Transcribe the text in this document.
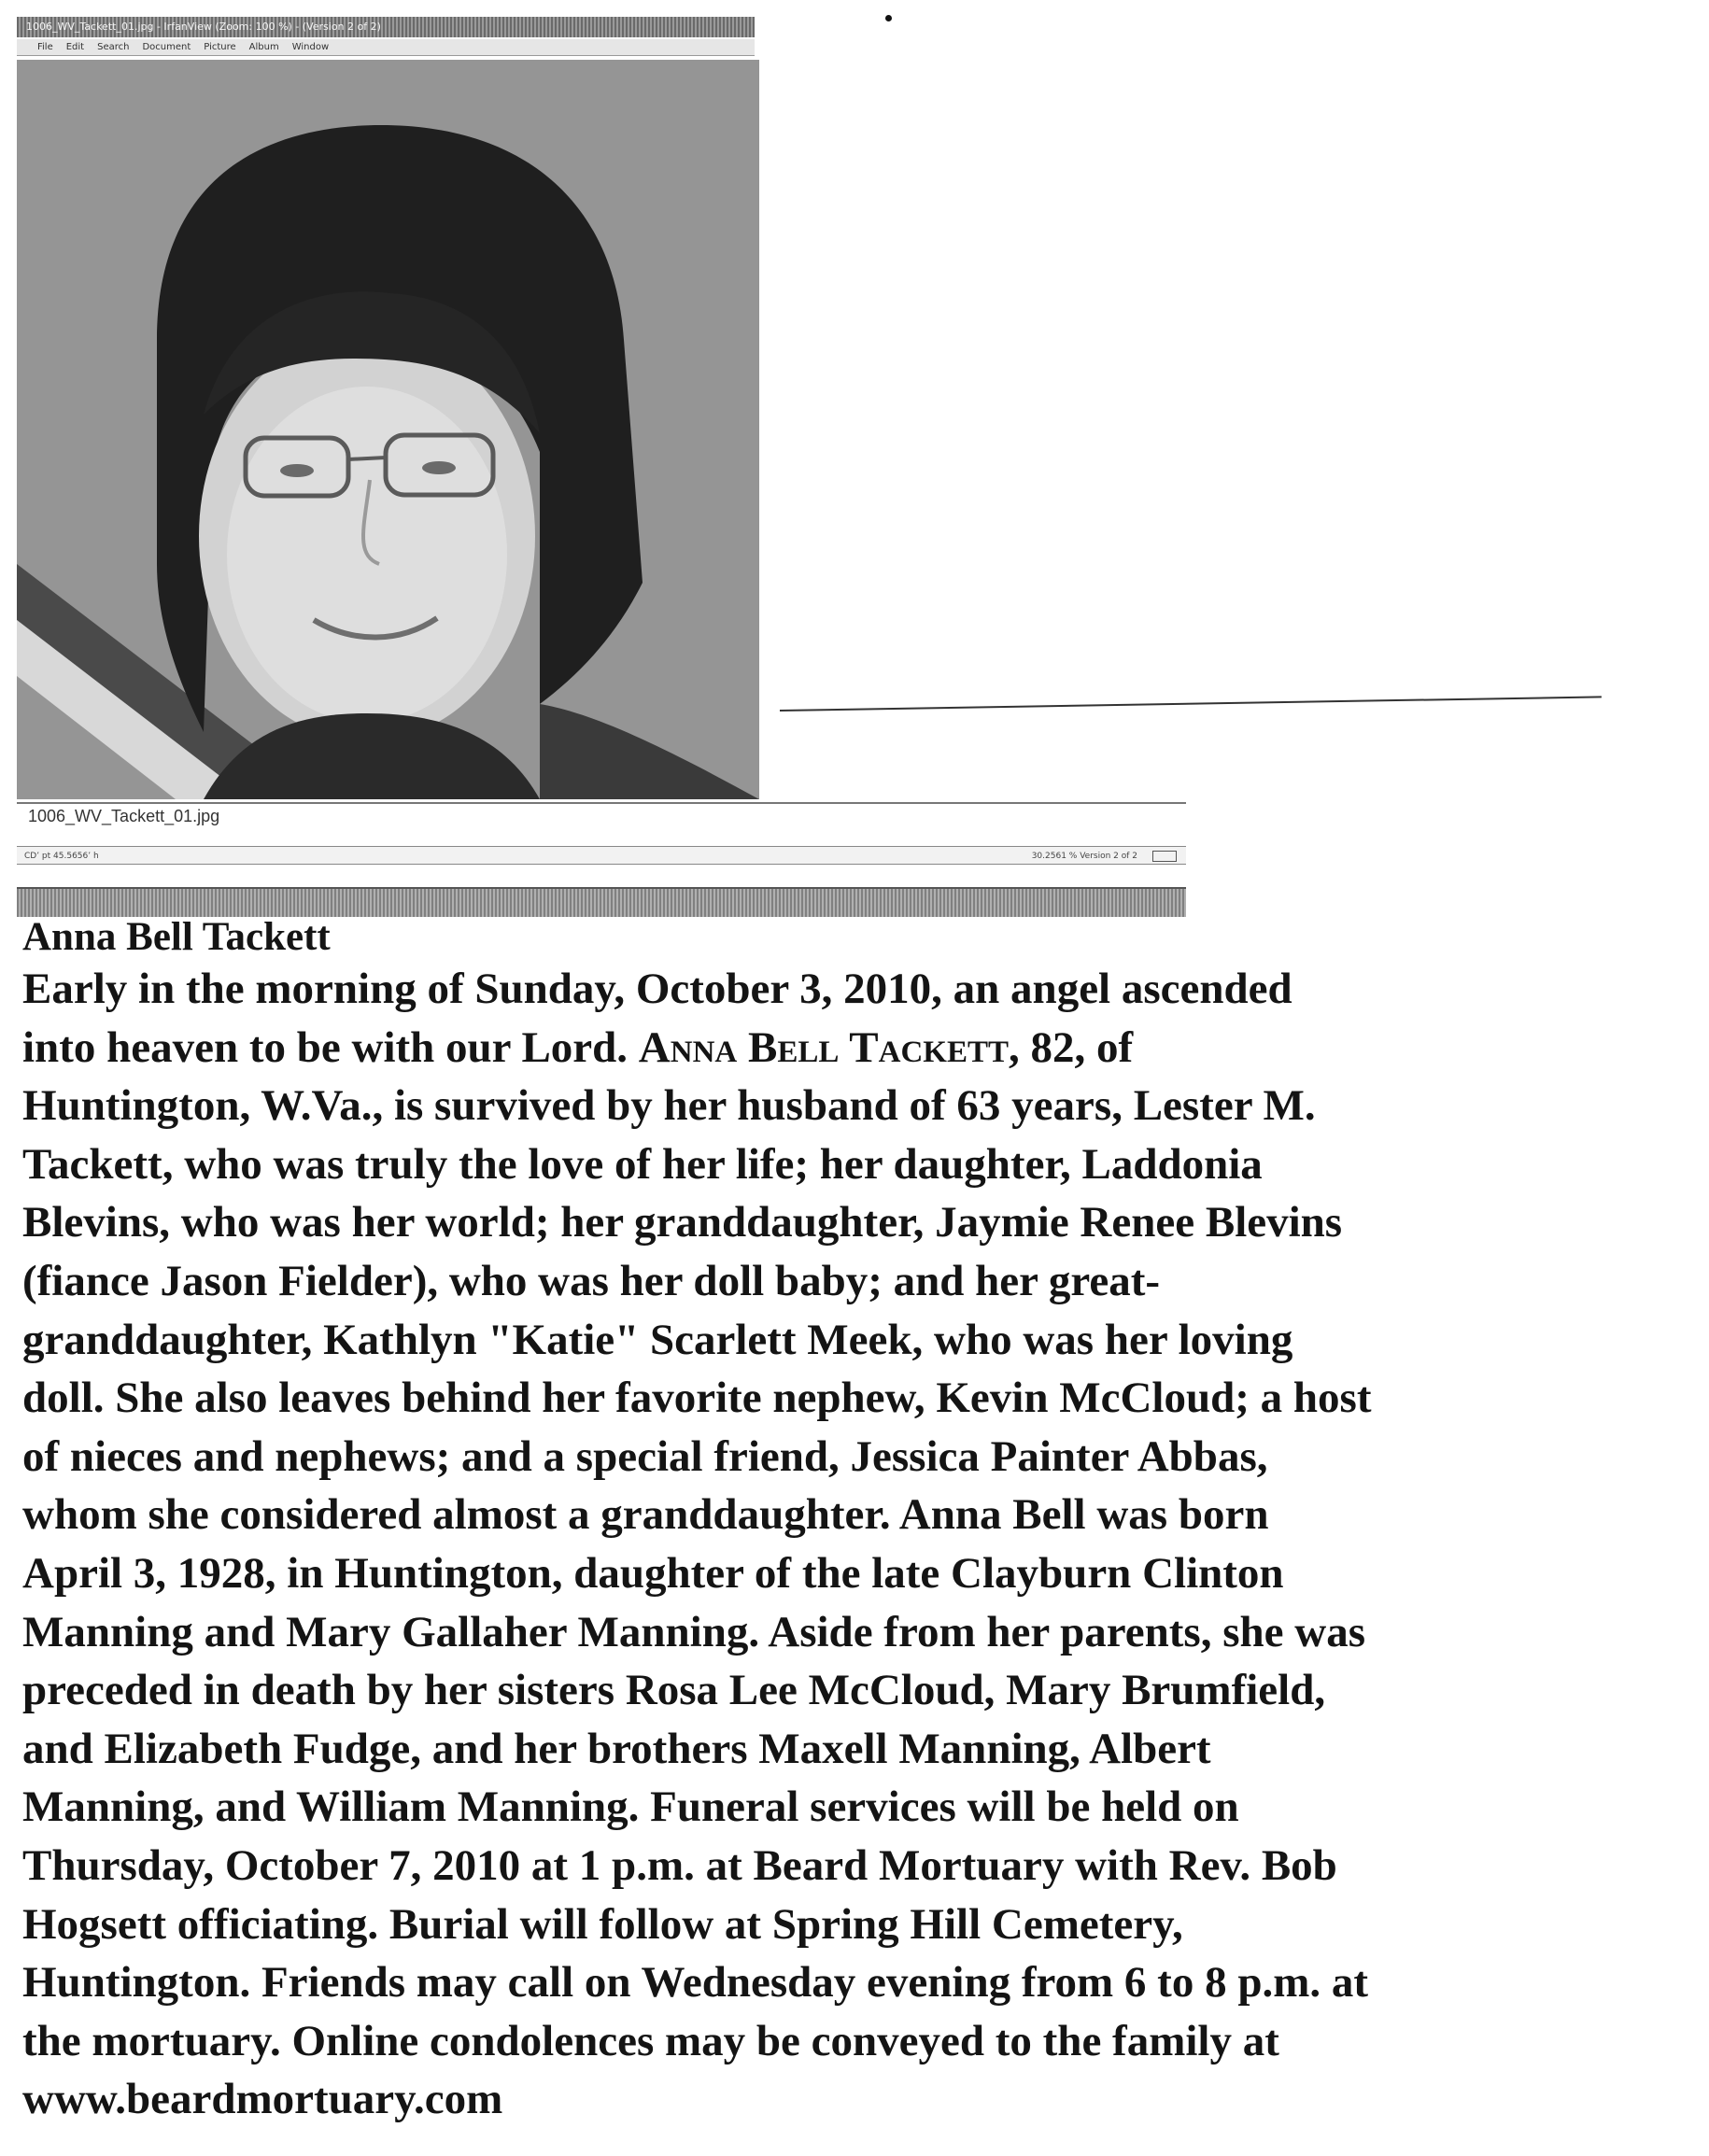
1006_WV_Tackett_01.jpg - IrfanView (Zoom: 100 %) - (Version 2 of 2)
File Edit Search Document Picture Album Window
1006_WV_Tackett_01.jpg
CD’ pt 45.5656’ h	30.2561 % Version 2 of 2

Anna Bell Tackett

Early in the morning of Sunday, October 3, 2010, an angel ascended
into heaven to be with our Lord. Anna Bell Tackett, 82, of
Huntington, W.Va., is survived by her husband of 63 years, Lester M.
Tackett, who was truly the love of her life; her daughter, Laddonia
Blevins, who was her world; her granddaughter, Jaymie Renee Blevins
(fiance Jason Fielder), who was her doll baby; and her great-
granddaughter, Kathlyn "Katie" Scarlett Meek, who was her loving
doll. She also leaves behind her favorite nephew, Kevin McCloud; a host
of nieces and nephews; and a special friend, Jessica Painter Abbas,
whom she considered almost a granddaughter. Anna Bell was born
April 3, 1928, in Huntington, daughter of the late Clayburn Clinton
Manning and Mary Gallaher Manning. Aside from her parents, she was
preceded in death by her sisters Rosa Lee McCloud, Mary Brumfield,
and Elizabeth Fudge, and her brothers Maxell Manning, Albert
Manning, and William Manning. Funeral services will be held on
Thursday, October 7, 2010 at 1 p.m. at Beard Mortuary with Rev. Bob
Hogsett officiating. Burial will follow at Spring Hill Cemetery,
Huntington. Friends may call on Wednesday evening from 6 to 8 p.m. at
the mortuary. Online condolences may be conveyed to the family at
www.beardmortuary.com
